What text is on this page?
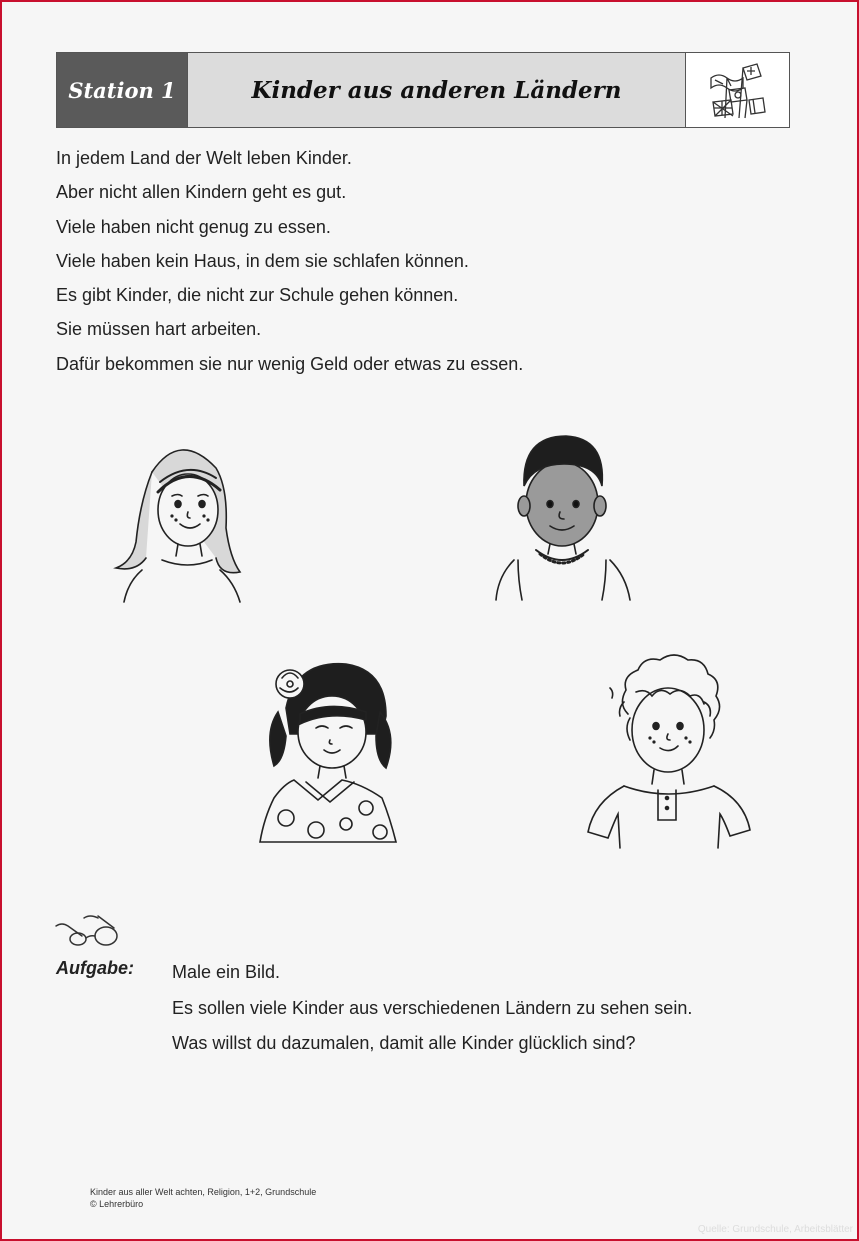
Station 1	Kinder aus anderen Ländern

In jedem Land der Welt leben Kinder.

Aber nicht allen Kindern geht es gut.

Viele haben nicht genug zu essen.

Viele haben kein Haus, in dem sie schlafen können.

Es gibt Kinder, die nicht zur Schule gehen können.

Sie müssen hart arbeiten.

Dafür bekommen sie nur wenig Geld oder etwas zu essen.

Aufgabe: Male ein Bild.

Es sollen viele Kinder aus verschiedenen Ländern zu sehen sein.

Was willst du dazumalen, damit alle Kinder glücklich sind?

Kinder aus aller Welt achten, Religion, 1+2, Grundschule

© Lehrerbüro

Quelle: Grundschule, Arbeitsblätter
